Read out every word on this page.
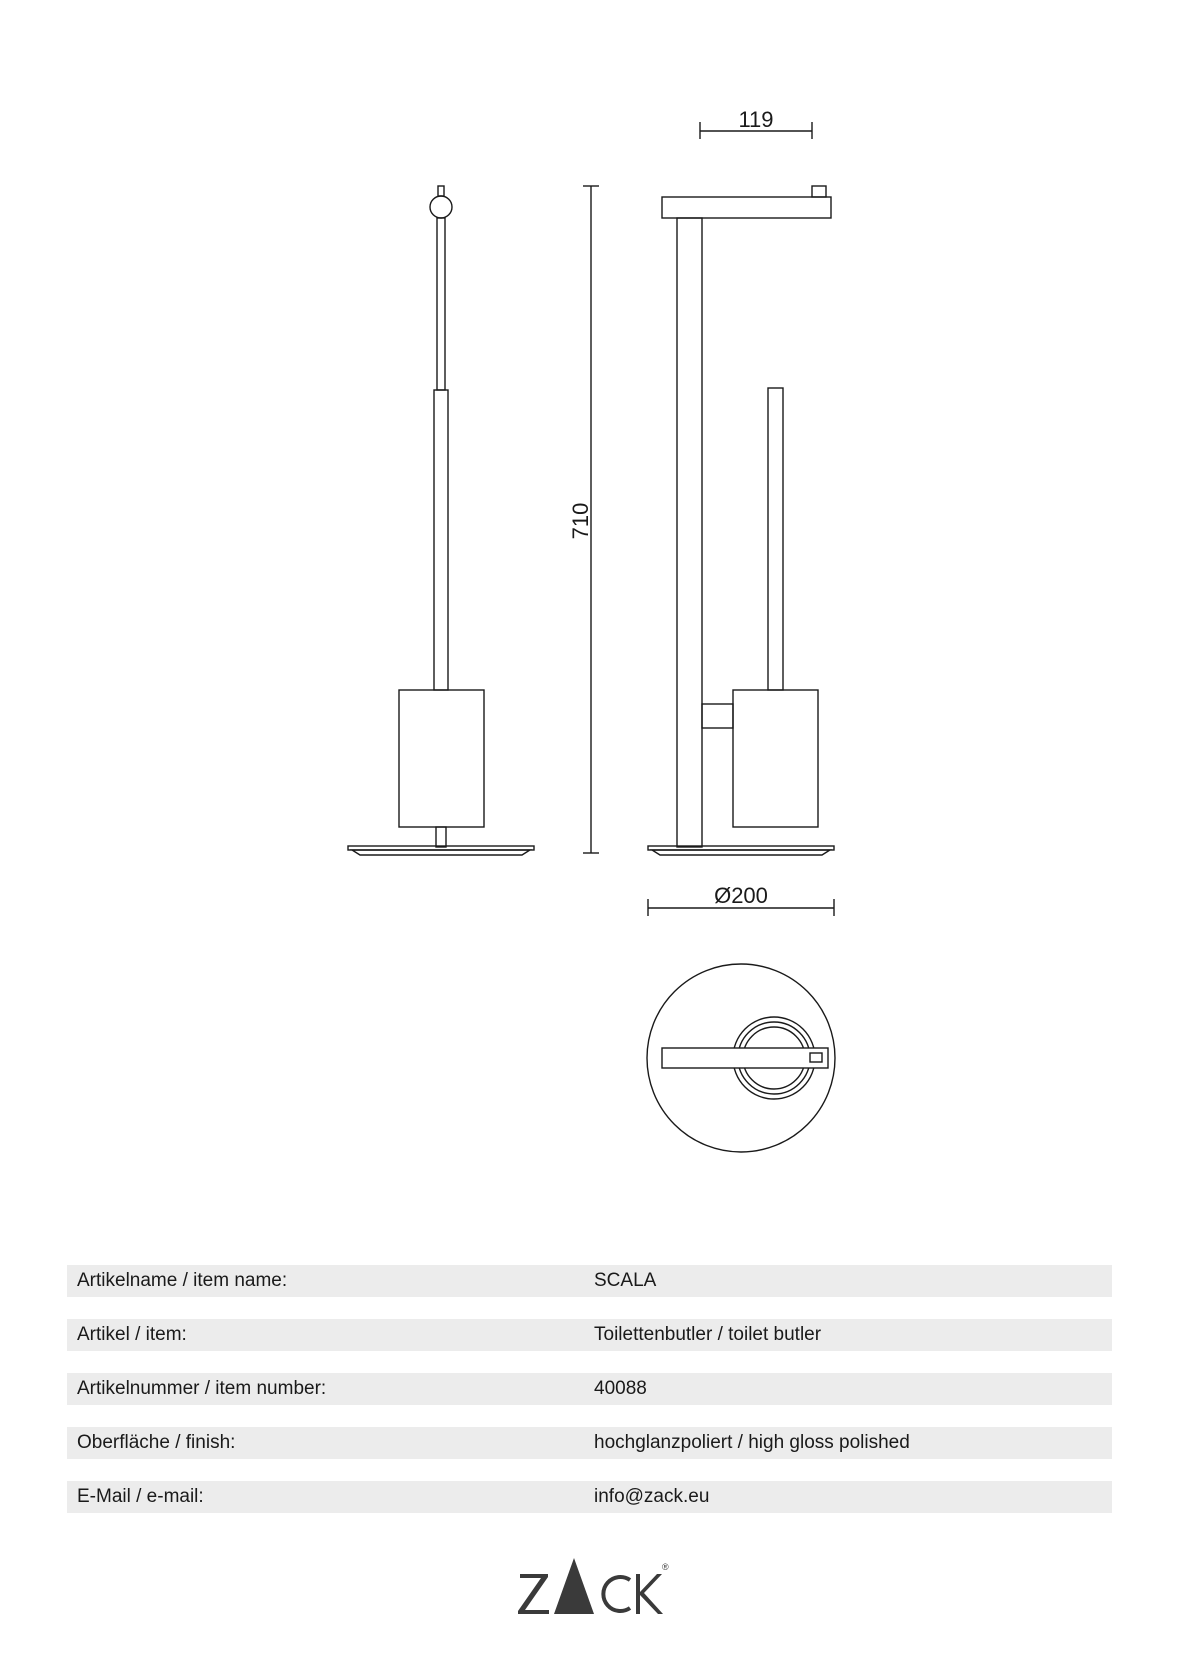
710
119
Ø200
Artikelname / item name:	SCALA
Artikel / item:	Toilettenbutler / toilet butler
Artikelnummer / item number:	40088
Oberfläche / finish:	hochglanzpoliert / high gloss polished
E-Mail / e-mail:	info@zack.eu
®
